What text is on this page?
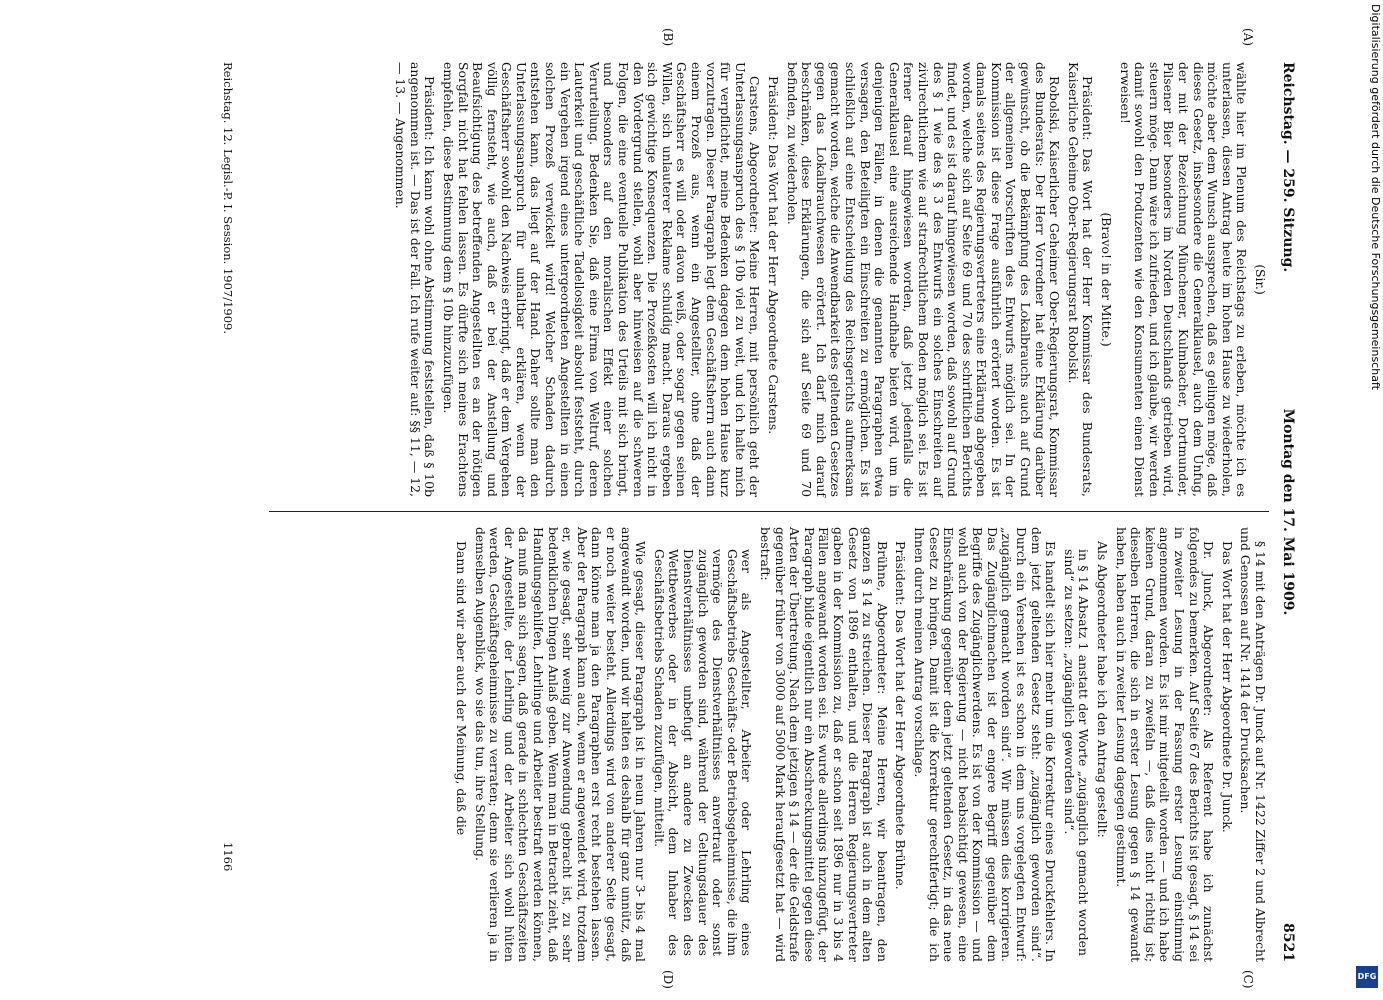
Reichstag. — 259. Sitzung.
Montag den 17. Mai 1909.
8521
(A)
(B)
(C)
(D)

(Sir.)

wählte hier im Plenum des Reichstags zu erleben, möchte ich es unterlassen, diesen Antrag heute im hohen Hause zu wiederholen, möchte aber dem Wunsch aussprechen, daß es gelingen möge, daß dieses Gesetz, insbesondere die Generalklausel, auch dem Unfug, der mit der Bezeichnung Münchener, Kulmbacher, Dortmunder, Pilsener Bier besonders im Norden Deutschlands getrieben wird, steuern möge. Dann wäre ich zufrieden, und ich glaube, wir werden damit sowohl den Produzenten wie den Konsumenten einen Dienst erweisen!

(Bravo! in der Mitte.)

Präsident: Das Wort hat der Herr Kommissar des Bundesrats, Kaiserliche Geheime Ober-Regierungsrat Robolski.

Robolski, Kaiserlicher Geheimer Ober-Regierungsrat, Kommissar des Bundesrats: Der Herr Vorredner hat eine Erklärung darüber gewünscht, ob die Bekämpfung des Lokalbrauchs auch auf Grund der allgemeinen Vorschriften des Entwurfs möglich sei. In der Kommission ist diese Frage ausführlich erörtert worden. Es ist damals seitens des Regierungsvertreters eine Erklärung abgegeben worden, welche sich auf Seite 69 und 70 des schriftlichen Berichts findet, und es ist darauf hingewiesen worden, daß sowohl auf Grund des § 1 wie des § 3 des Entwurfs ein solches Einschreiten auf zivilrechtlichem wie auf strafrechtlichem Boden möglich sei. Es ist ferner darauf hingewiesen worden, daß jetzt jedenfalls die Generalklausel eine ausreichende Handhabe bieten wird, um in denjenigen Fällen, in denen die genannten Paragraphen etwa versagen, den Beteiligten ein Einschreiten zu ermöglichen. Es ist schließlich auf eine Entscheidung des Reichsgerichts aufmerksam gemacht worden, welche die Anwendbarkeit des geltenden Gesetzes gegen das Lokalbrauchwesen erörtert. Ich darf mich darauf beschränken, diese Erklärungen, die sich auf Seite 69 und 70 befinden, zu wiederholen.

Präsident: Das Wort hat der Herr Abgeordnete Carstens.

Carstens, Abgeordneter: Meine Herren, mit persönlich geht der Unterlassungsanspruch des § 10b viel zu weit, und ich halte mich für verpflichtet, meine Bedenken dagegen dem hohen Hause kurz vorzutragen. Dieser Paragraph legt dem Geschäftsherrn auch dann einem Prozeß aus, wenn ein Angestellter, ohne daß der Geschäftsherr es will oder davon weiß, oder sogar gegen seinen Willen, sich unlauterer Reklame schuldig macht. Daraus ergeben sich gewichtige Konsequenzen. Die Prozeßkosten will ich nicht in den Vordergrund stellen, wohl aber hinweisen auf die schweren Folgen, die eine eventuelle Publikation des Urteils mit sich bringt, und besonders auf den moralischen Effekt einer solchen Verurteilung. Bedenken Sie, daß eine Firma von Weltruf, deren Lauterkeit und geschäftliche Tadellosigkeit absolut feststeht, durch ein Vergehen irgend eines untergeordneten Angestellten in einen solchen Prozeß verwickelt wird! Welcher Schaden dadurch entstehen kann, das liegt auf der Hand. Daher sollte man den Unterlassungsanspruch für unhaltbar erklären, wenn der Geschäftsherr sowohl den Nachweis erbringt, daß er dem Vergehen völlig fernsteht, wie auch, daß er bei der Anstellung und Beaufsichtigung des betreffenden Angestellten es an der nötigen Sorgfalt nicht hat fehlen lassen. Es dürfte sich meines Erachtens empfehlen, diese Bestimmung dem § 10b hinzuzufügen.

Präsident: Ich kann wohl ohne Abstimmung feststellen, daß § 10b angenommen ist. — Das ist der Fall. Ich rufe weiter auf: §§ 11, — 12, — 13. — Angenommen.

§ 14 mit den Anträgen Dr. Junck auf Nr. 1422 Ziffer 2 und Albrecht und Genossen auf Nr. 1414 der Drucksachen.

Das Wort hat der Herr Abgeordnete Dr. Junck.

Dr. Junck, Abgeordneter: Als Referent habe ich zunächst folgendes zu bemerken. Auf Seite 67 des Berichts ist gesagt, § 14 sei in zweiter Lesung in der Fassung erster Lesung einstimmig angenommen worden. Es ist mir mitgeteilt worden — und ich habe keinen Grund, daran zu zweifeln —, daß dies nicht richtig ist; dieselben Herren, die sich in erster Lesung gegen § 14 gewandt haben, haben auch in zweiter Lesung dagegen gestimmt.

Als Abgeordneter habe ich den Antrag gestellt:

in § 14 Absatz 1 anstatt der Worte „zugänglich gemacht worden sind“ zu setzen: „zugänglich geworden sind“.

Es handelt sich hier mehr um die Korrektur eines Druckfehlers. In dem jetzt geltenden Gesetz steht: „zugänglich geworden sind“. Durch ein Versehen ist es schon in dem uns vorgelegten Entwurf: „zugänglich gemacht worden sind“. Wir müssen dies korrigieren. Das Zugänglichmachen ist der engere Begriff gegenüber dem Begriffe des Zugänglichwerdens. Es ist von der Kommission — und wohl auch von der Regierung — nicht beabsichtigt gewesen, eine Einschränkung gegenüber dem jetzt geltenden Gesetz, in das neue Gesetz zu bringen. Damit ist die Korrektur gerechtfertigt; die ich Ihnen durch meinen Antrag vorschlage.

Präsident: Das Wort hat der Herr Abgeordnete Brühne.

Brühne, Abgeordneter: Meine Herren, wir beantragen, den ganzen § 14 zu streichen. Dieser Paragraph ist auch in dem alten Gesetz von 1896 enthalten, und die Herren Regierungsvertreter gaben in der Kommission zu, daß er schon seit 1896 nur in 3 bis 4 Fällen angewandt worden sei. Es wurde allerdings hinzugefügt, der Paragraph bilde eigentlich nur ein Abschreckungsmittel gegen diese Arten der Übertretung. Nach dem jetzigen § 14 — der die Geldstrafe gegenüber früher von 3000 auf 5000 Mark heraufgesetzt hat — wird bestraft:

wer als Angestellter, Arbeiter oder Lehrling eines Geschäftsbetriebs Geschäfts- oder Betriebsgeheimnisse, die ihm vermöge des Dienstverhältnisses anvertraut oder sonst zugänglich geworden sind, während der Geltungsdauer des Dienstverhältnisses unbefugt an andere zu Zwecken des Wettbewerbes oder in der Absicht, dem Inhaber des Geschäftsbetriebs Schaden zuzufügen, mitteilt.

Wie gesagt, dieser Paragraph ist in neun Jahren nur 3- bis 4 mal angewandt worden, und wir halten es deshalb für ganz unnütz, daß er noch weiter besteht. Allerdings wird von anderer Seite gesagt, dann könne man ja den Paragraphen erst recht bestehen lassen. Aber der Paragraph kann auch, wenn er angewendet wird, trotzdem er, wie gesagt, sehr wenig zur Anwendung gebracht ist, zu sehr bedenklichen Dingen Anlaß geben. Wenn man in Betracht zieht, daß Handlungsgehilfen, Lehrlinge und Arbeiter bestraft werden können, da muß man sich sagen, daß gerade in schlechten Geschäftszeiten der Angestellte, der Lehrling und der Arbeiter sich wohl hüten werden, Geschäftsgeheimnisse zu verraten; denn sie verlieren ja in demselben Augenblick, wo sie das tun, ihre Stellung.

Dann sind wir aber auch der Meinung, daß die

Reichstag. 12. Legisl.-P. I. Session. 1907/1909.
1166
Digitalisierung gefördert durch die Deutsche Forschungsgemeinschaft
DFG
